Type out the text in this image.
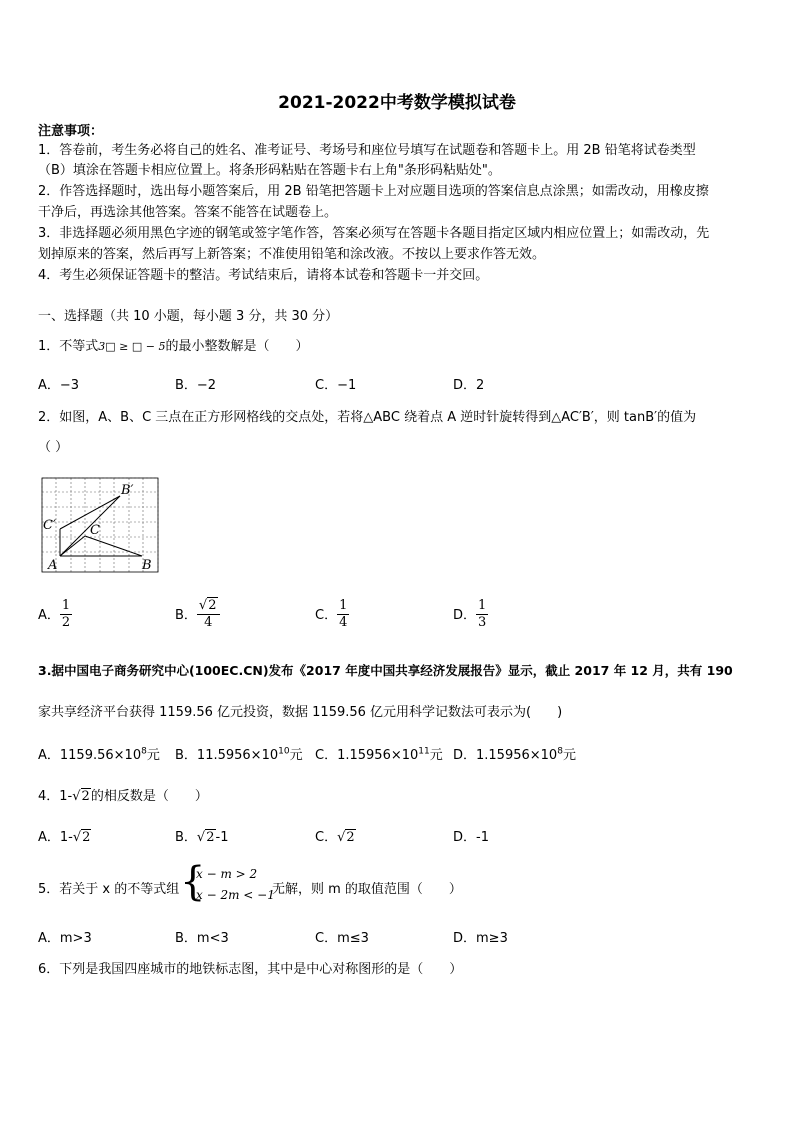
2021-2022中考数学模拟试卷
注意事项：
1．答卷前，考生务必将自己的姓名、准考证号、考场号和座位号填写在试题卷和答题卡上。用 2B 铅笔将试卷类型
（B）填涂在答题卡相应位置上。将条形码粘贴在答题卡右上角"条形码粘贴处"。
2．作答选择题时，选出每小题答案后，用 2B 铅笔把答题卡上对应题目选项的答案信息点涂黑；如需改动，用橡皮擦
干净后，再选涂其他答案。答案不能答在试题卷上。
3．非选择题必须用黑色字迹的钢笔或签字笔作答，答案必须写在答题卡各题目指定区域内相应位置上；如需改动，先
划掉原来的答案，然后再写上新答案；不准使用铅笔和涂改液。不按以上要求作答无效。
4．考生必须保证答题卡的整洁。考试结束后，请将本试卷和答题卡一并交回。
一、选择题（共 10 小题，每小题 3 分，共 30 分）
1．不等式3□ ≥ □ − 5的最小整数解是（　　）
A．−3	B．−2	C．−1	D．2
2．如图，A、B、C 三点在正方形网格线的交点处，若将△ABC 绕着点 A 逆时针旋转得到△AC′B′，则 tanB′的值为
（ ）
A	B
C
C′
B′
A． $\frac{1}{2}$	B． $\frac{√2}{4}$	C． $\frac{1}{4}$	D． $\frac{1}{3}$
3.据中国电子商务研究中心(100EC.CN)发布《2017 年度中国共享经济发展报告》显示，截止 2017 年 12 月，共有 190
家共享经济平台获得 1159.56 亿元投资，数据 1159.56 亿元用科学记数法可表示为(　　)
A．$1159.56\times 10^8$元 B．$11.5956\times 10^{10}$元 C．$1.15956\times 10^{11}$元 D．$1.15956\times 10^8$元
4．1-√2的相反数是（　　）
A．1-√2	B．√2-1	C．√2	D．-1
5．若关于 x 的不等式组 {
x − m > 2
x − 2m < −1
无解，则 m 的取值范围（　　）
A．m>3	B．m<3	C．m≤3	D．m≥3
6．下列是我国四座城市的地铁标志图，其中是中心对称图形的是（　　）
